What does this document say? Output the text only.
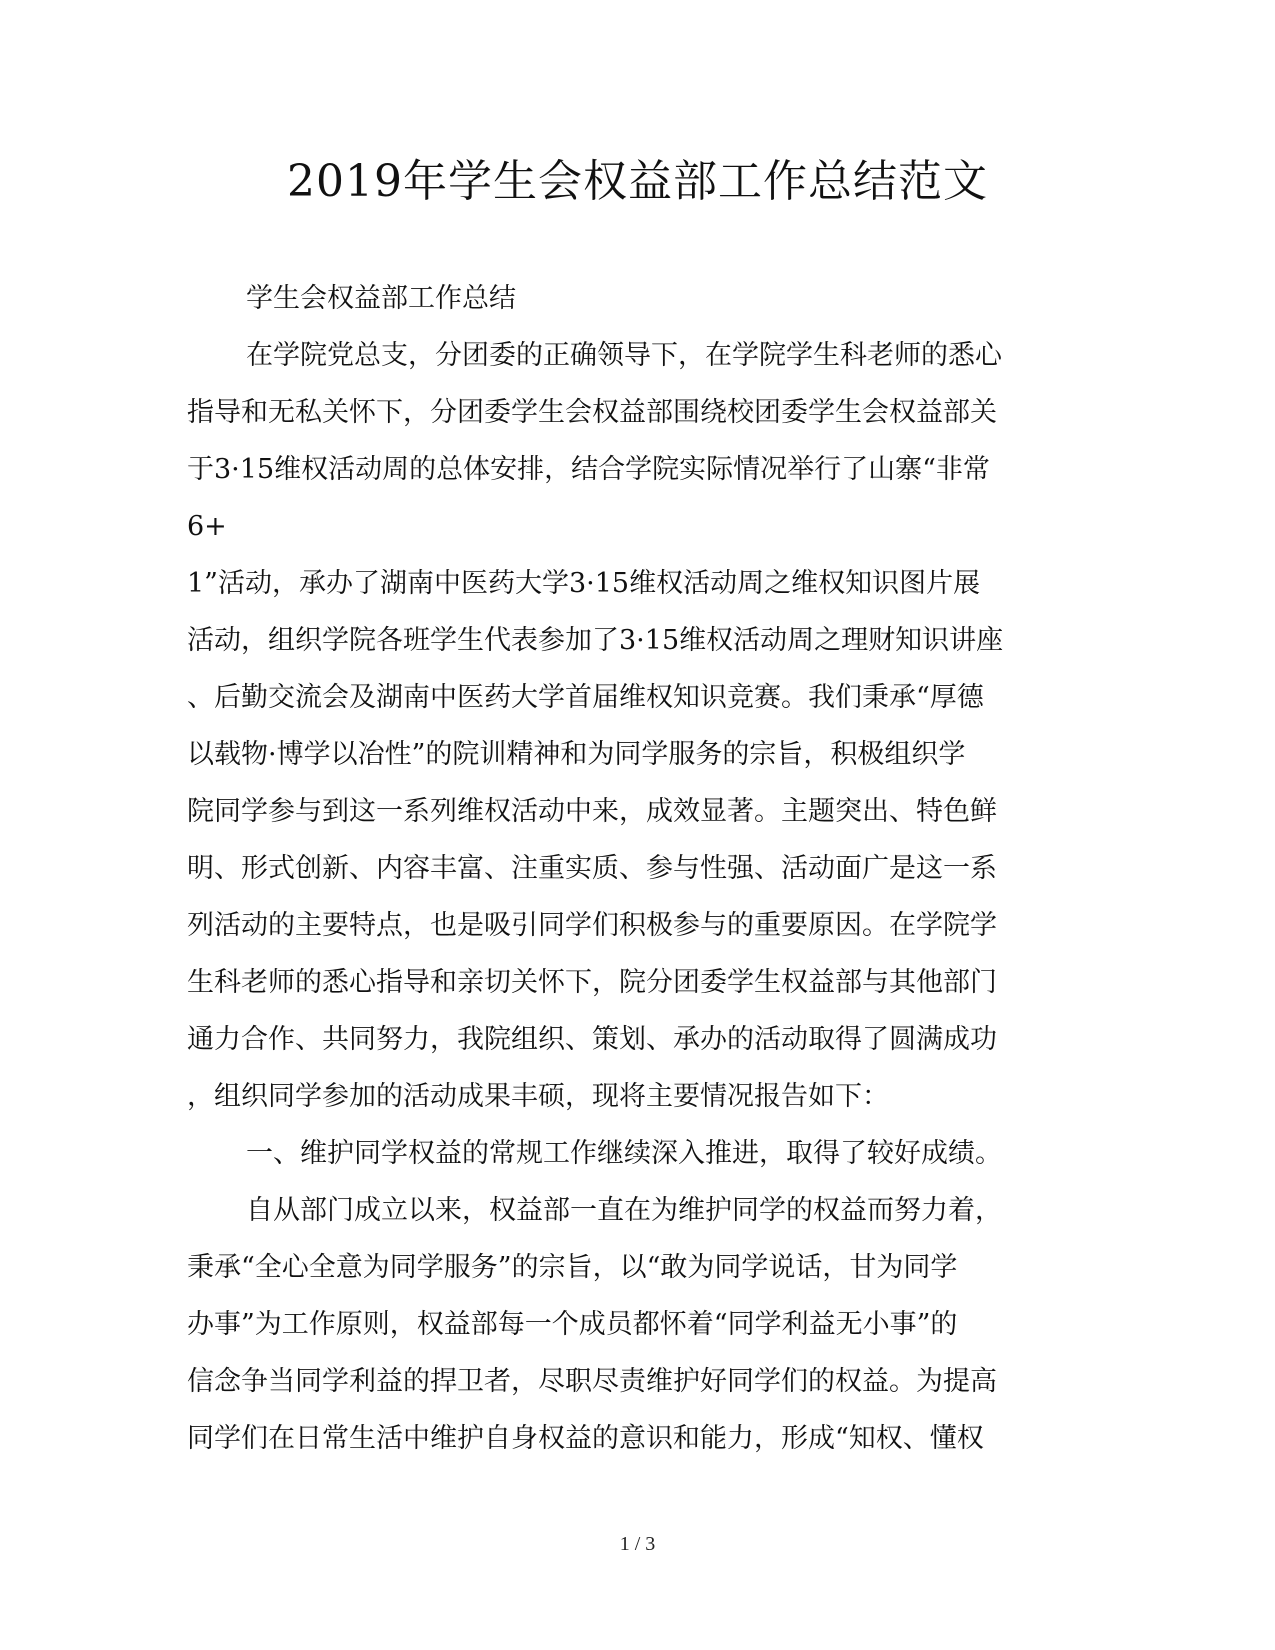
2019年学生会权益部工作总结范文
学生会权益部工作总结
在学院党总支，分团委的正确领导下，在学院学生科老师的悉心
指导和无私关怀下，分团委学生会权益部围绕校团委学生会权益部关
于3·15维权活动周的总体安排，结合学院实际情况举行了山寨“非常
6+
1”活动，承办了湖南中医药大学3·15维权活动周之维权知识图片展
活动，组织学院各班学生代表参加了3·15维权活动周之理财知识讲座
、后勤交流会及湖南中医药大学首届维权知识竞赛。我们秉承“厚德
以载物·博学以冶性”的院训精神和为同学服务的宗旨，积极组织学
院同学参与到这一系列维权活动中来，成效显著。主题突出、特色鲜
明、形式创新、内容丰富、注重实质、参与性强、活动面广是这一系
列活动的主要特点，也是吸引同学们积极参与的重要原因。在学院学
生科老师的悉心指导和亲切关怀下，院分团委学生权益部与其他部门
通力合作、共同努力，我院组织、策划、承办的活动取得了圆满成功
，组织同学参加的活动成果丰硕，现将主要情况报告如下：
一、维护同学权益的常规工作继续深入推进，取得了较好成绩。
自从部门成立以来，权益部一直在为维护同学的权益而努力着，
秉承“全心全意为同学服务”的宗旨，以“敢为同学说话，甘为同学
办事”为工作原则，权益部每一个成员都怀着“同学利益无小事”的
信念争当同学利益的捍卫者，尽职尽责维护好同学们的权益。为提高
同学们在日常生活中维护自身权益的意识和能力，形成“知权、懂权
1 / 3
